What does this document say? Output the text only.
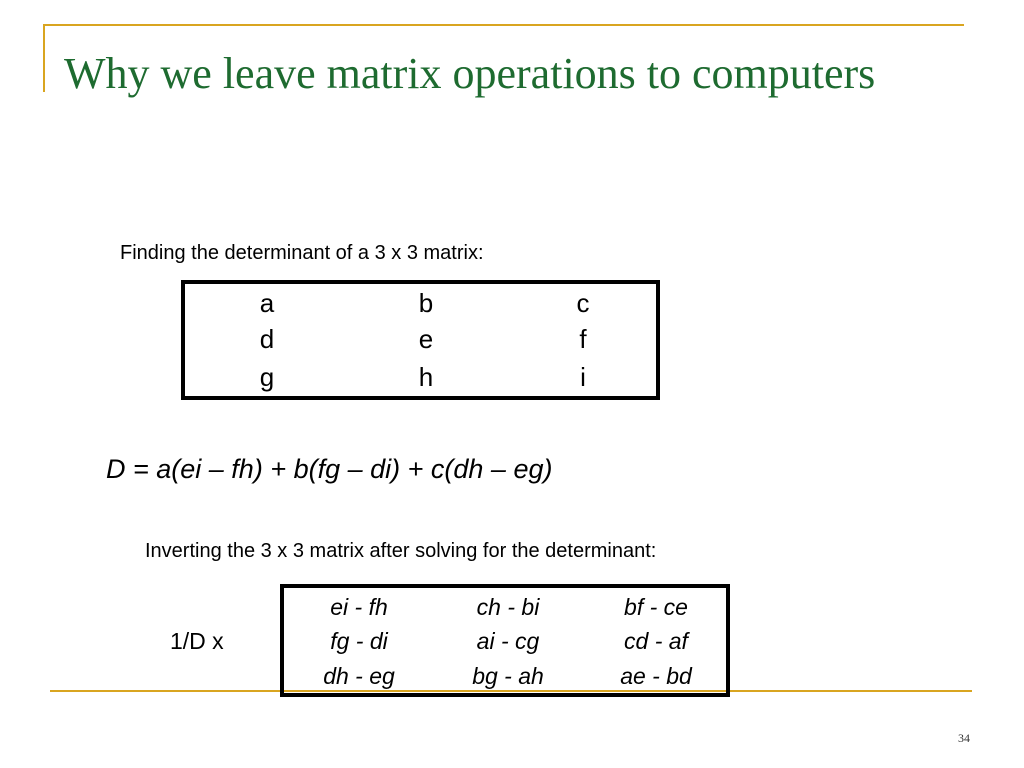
Why we leave matrix operations to computers
Finding the determinant of a 3 x 3 matrix:
a	b	c
d	e	f
g	h	i
D = a(ei – fh) + b(fg – di) + c(dh – eg)
Inverting the 3 x 3 matrix after solving for the determinant:
1/D x
ei - fh	ch - bi	bf - ce
fg - di	ai - cg	cd - af
dh - eg	bg - ah	ae - bd
34
